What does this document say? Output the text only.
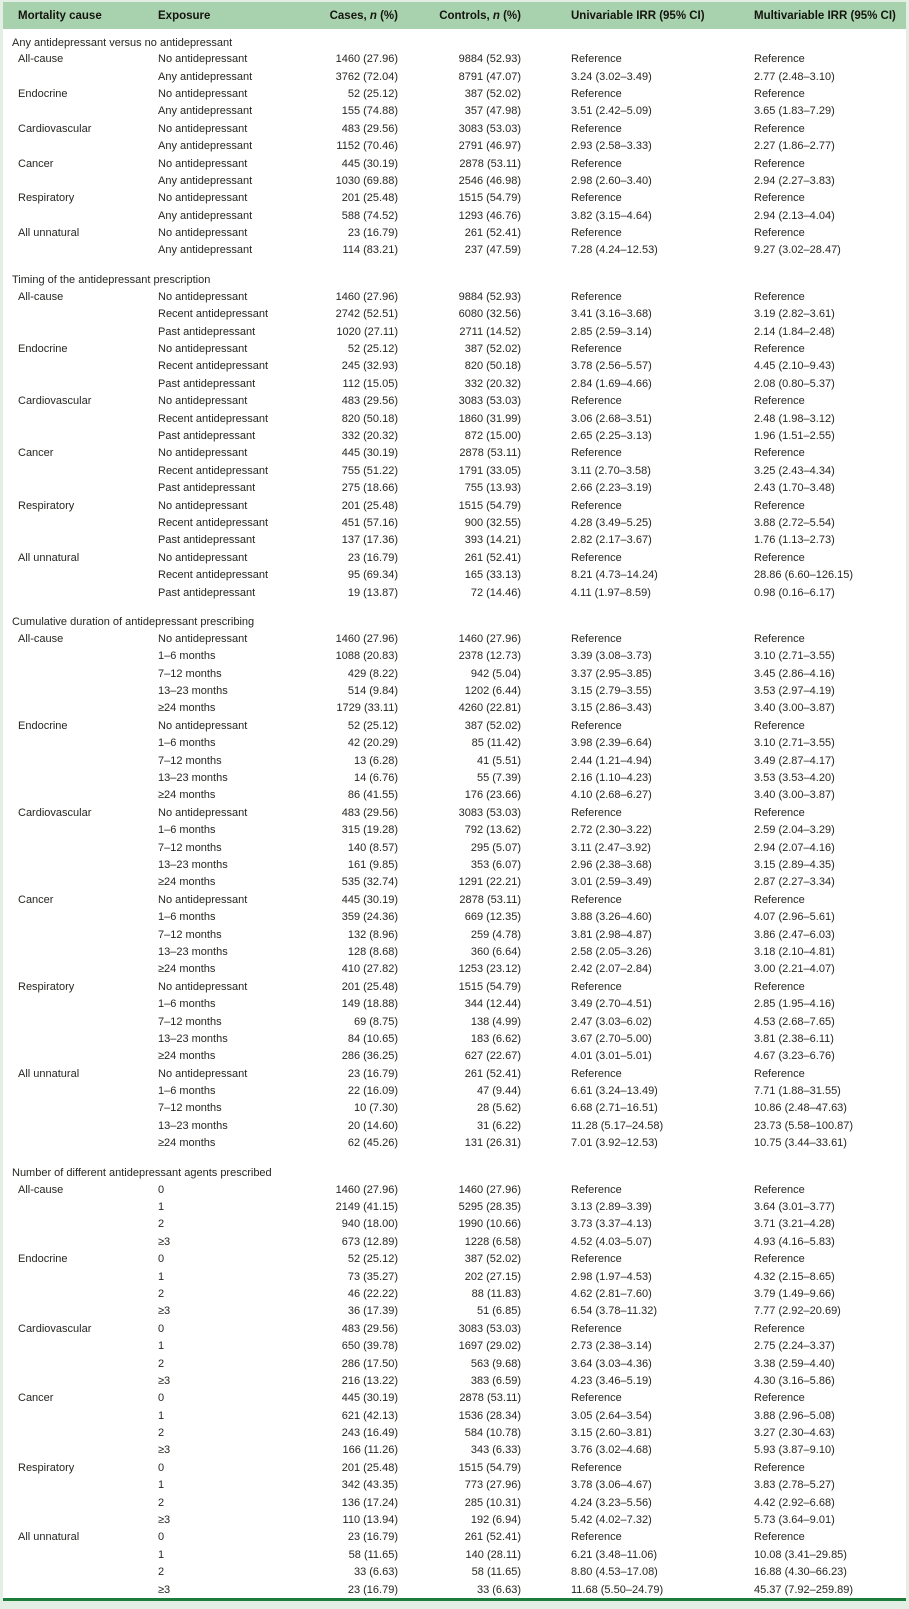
Mortality cause	Exposure	Cases, n (%)	Controls, n (%)	Univariable IRR (95% CI)	Multivariable IRR (95% CI)
Any antidepressant versus no antidepressant					
All-cause	No antidepressant	1460 (27.96)	9884 (52.93)	Reference	Reference
	Any antidepressant	3762 (72.04)	8791 (47.07)	3.24 (3.02–3.49)	2.77 (2.48–3.10)
Endocrine	No antidepressant	52 (25.12)	387 (52.02)	Reference	Reference
	Any antidepressant	155 (74.88)	357 (47.98)	3.51 (2.42–5.09)	3.65 (1.83–7.29)
Cardiovascular	No antidepressant	483 (29.56)	3083 (53.03)	Reference	Reference
	Any antidepressant	1152 (70.46)	2791 (46.97)	2.93 (2.58–3.33)	2.27 (1.86–2.77)
Cancer	No antidepressant	445 (30.19)	2878 (53.11)	Reference	Reference
	Any antidepressant	1030 (69.88)	2546 (46.98)	2.98 (2.60–3.40)	2.94 (2.27–3.83)
Respiratory	No antidepressant	201 (25.48)	1515 (54.79)	Reference	Reference
	Any antidepressant	588 (74.52)	1293 (46.76)	3.82 (3.15–4.64)	2.94 (2.13–4.04)
All unnatural	No antidepressant	23 (16.79)	261 (52.41)	Reference	Reference
	Any antidepressant	114 (83.21)	237 (47.59)	7.28 (4.24–12.53)	9.27 (3.02–28.47)
Timing of the antidepressant prescription					
All-cause	No antidepressant	1460 (27.96)	9884 (52.93)	Reference	Reference
	Recent antidepressant	2742 (52.51)	6080 (32.56)	3.41 (3.16–3.68)	3.19 (2.82–3.61)
	Past antidepressant	1020 (27.11)	2711 (14.52)	2.85 (2.59–3.14)	2.14 (1.84–2.48)
Endocrine	No antidepressant	52 (25.12)	387 (52.02)	Reference	Reference
	Recent antidepressant	245 (32.93)	820 (50.18)	3.78 (2.56–5.57)	4.45 (2.10–9.43)
	Past antidepressant	112 (15.05)	332 (20.32)	2.84 (1.69–4.66)	2.08 (0.80–5.37)
Cardiovascular	No antidepressant	483 (29.56)	3083 (53.03)	Reference	Reference
	Recent antidepressant	820 (50.18)	1860 (31.99)	3.06 (2.68–3.51)	2.48 (1.98–3.12)
	Past antidepressant	332 (20.32)	872 (15.00)	2.65 (2.25–3.13)	1.96 (1.51–2.55)
Cancer	No antidepressant	445 (30.19)	2878 (53.11)	Reference	Reference
	Recent antidepressant	755 (51.22)	1791 (33.05)	3.11 (2.70–3.58)	3.25 (2.43–4.34)
	Past antidepressant	275 (18.66)	755 (13.93)	2.66 (2.23–3.19)	2.43 (1.70–3.48)
Respiratory	No antidepressant	201 (25.48)	1515 (54.79)	Reference	Reference
	Recent antidepressant	451 (57.16)	900 (32.55)	4.28 (3.49–5.25)	3.88 (2.72–5.54)
	Past antidepressant	137 (17.36)	393 (14.21)	2.82 (2.17–3.67)	1.76 (1.13–2.73)
All unnatural	No antidepressant	23 (16.79)	261 (52.41)	Reference	Reference
	Recent antidepressant	95 (69.34)	165 (33.13)	8.21 (4.73–14.24)	28.86 (6.60–126.15)
	Past antidepressant	19 (13.87)	72 (14.46)	4.11 (1.97–8.59)	0.98 (0.16–6.17)
Cumulative duration of antidepressant prescribing					
All-cause	No antidepressant	1460 (27.96)	1460 (27.96)	Reference	Reference
	1–6 months	1088 (20.83)	2378 (12.73)	3.39 (3.08–3.73)	3.10 (2.71–3.55)
	7–12 months	429 (8.22)	942 (5.04)	3.37 (2.95–3.85)	3.45 (2.86–4.16)
	13–23 months	514 (9.84)	1202 (6.44)	3.15 (2.79–3.55)	3.53 (2.97–4.19)
	≥24 months	1729 (33.11)	4260 (22.81)	3.15 (2.86–3.43)	3.40 (3.00–3.87)
Endocrine	No antidepressant	52 (25.12)	387 (52.02)	Reference	Reference
	1–6 months	42 (20.29)	85 (11.42)	3.98 (2.39–6.64)	3.10 (2.71–3.55)
	7–12 months	13 (6.28)	41 (5.51)	2.44 (1.21–4.94)	3.49 (2.87–4.17)
	13–23 months	14 (6.76)	55 (7.39)	2.16 (1.10–4.23)	3.53 (3.53–4.20)
	≥24 months	86 (41.55)	176 (23.66)	4.10 (2.68–6.27)	3.40 (3.00–3.87)
Cardiovascular	No antidepressant	483 (29.56)	3083 (53.03)	Reference	Reference
	1–6 months	315 (19.28)	792 (13.62)	2.72 (2.30–3.22)	2.59 (2.04–3.29)
	7–12 months	140 (8.57)	295 (5.07)	3.11 (2.47–3.92)	2.94 (2.07–4.16)
	13–23 months	161 (9.85)	353 (6.07)	2.96 (2.38–3.68)	3.15 (2.89–4.35)
	≥24 months	535 (32.74)	1291 (22.21)	3.01 (2.59–3.49)	2.87 (2.27–3.34)
Cancer	No antidepressant	445 (30.19)	2878 (53.11)	Reference	Reference
	1–6 months	359 (24.36)	669 (12.35)	3.88 (3.26–4.60)	4.07 (2.96–5.61)
	7–12 months	132 (8.96)	259 (4.78)	3.81 (2.98–4.87)	3.86 (2.47–6.03)
	13–23 months	128 (8.68)	360 (6.64)	2.58 (2.05–3.26)	3.18 (2.10–4.81)
	≥24 months	410 (27.82)	1253 (23.12)	2.42 (2.07–2.84)	3.00 (2.21–4.07)
Respiratory	No antidepressant	201 (25.48)	1515 (54.79)	Reference	Reference
	1–6 months	149 (18.88)	344 (12.44)	3.49 (2.70–4.51)	2.85 (1.95–4.16)
	7–12 months	69 (8.75)	138 (4.99)	2.47 (3.03–6.02)	4.53 (2.68–7.65)
	13–23 months	84 (10.65)	183 (6.62)	3.67 (2.70–5.00)	3.81 (2.38–6.11)
	≥24 months	286 (36.25)	627 (22.67)	4.01 (3.01–5.01)	4.67 (3.23–6.76)
All unnatural	No antidepressant	23 (16.79)	261 (52.41)	Reference	Reference
	1–6 months	22 (16.09)	47 (9.44)	6.61 (3.24–13.49)	7.71 (1.88–31.55)
	7–12 months	10 (7.30)	28 (5.62)	6.68 (2.71–16.51)	10.86 (2.48–47.63)
	13–23 months	20 (14.60)	31 (6.22)	11.28 (5.17–24.58)	23.73 (5.58–100.87)
	≥24 months	62 (45.26)	131 (26.31)	7.01 (3.92–12.53)	10.75 (3.44–33.61)
Number of different antidepressant agents prescribed					
All-cause	0	1460 (27.96)	1460 (27.96)	Reference	Reference
	1	2149 (41.15)	5295 (28.35)	3.13 (2.89–3.39)	3.64 (3.01–3.77)
	2	940 (18.00)	1990 (10.66)	3.73 (3.37–4.13)	3.71 (3.21–4.28)
	≥3	673 (12.89)	1228 (6.58)	4.52 (4.03–5.07)	4.93 (4.16–5.83)
Endocrine	0	52 (25.12)	387 (52.02)	Reference	Reference
	1	73 (35.27)	202 (27.15)	2.98 (1.97–4.53)	4.32 (2.15–8.65)
	2	46 (22.22)	88 (11.83)	4.62 (2.81–7.60)	3.79 (1.49–9.66)
	≥3	36 (17.39)	51 (6.85)	6.54 (3.78–11.32)	7.77 (2.92–20.69)
Cardiovascular	0	483 (29.56)	3083 (53.03)	Reference	Reference
	1	650 (39.78)	1697 (29.02)	2.73 (2.38–3.14)	2.75 (2.24–3.37)
	2	286 (17.50)	563 (9.68)	3.64 (3.03–4.36)	3.38 (2.59–4.40)
	≥3	216 (13.22)	383 (6.59)	4.23 (3.46–5.19)	4.30 (3.16–5.86)
Cancer	0	445 (30.19)	2878 (53.11)	Reference	Reference
	1	621 (42.13)	1536 (28.34)	3.05 (2.64–3.54)	3.88 (2.96–5.08)
	2	243 (16.49)	584 (10.78)	3.15 (2.60–3.81)	3.27 (2.30–4.63)
	≥3	166 (11.26)	343 (6.33)	3.76 (3.02–4.68)	5.93 (3.87–9.10)
Respiratory	0	201 (25.48)	1515 (54.79)	Reference	Reference
	1	342 (43.35)	773 (27.96)	3.78 (3.06–4.67)	3.83 (2.78–5.27)
	2	136 (17.24)	285 (10.31)	4.24 (3.23–5.56)	4.42 (2.92–6.68)
	≥3	110 (13.94)	192 (6.94)	5.42 (4.02–7.32)	5.73 (3.64–9.01)
All unnatural	0	23 (16.79)	261 (52.41)	Reference	Reference
	1	58 (11.65)	140 (28.11)	6.21 (3.48–11.06)	10.08 (3.41–29.85)
	2	33 (6.63)	58 (11.65)	8.80 (4.53–17.08)	16.88 (4.30–66.23)
	≥3	23 (16.79)	33 (6.63)	11.68 (5.50–24.79)	45.37 (7.92–259.89)
